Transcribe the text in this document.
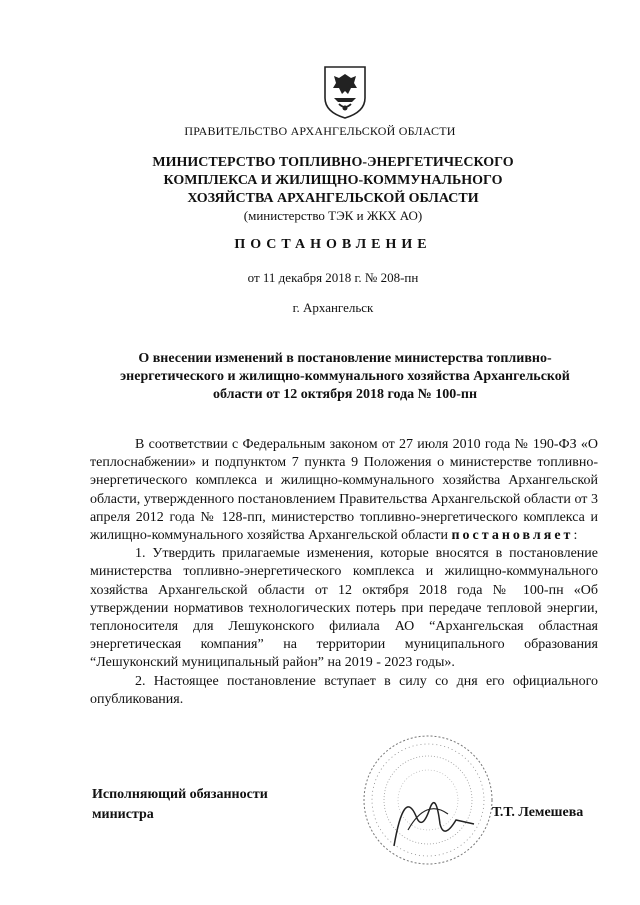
ПРАВИТЕЛЬСТВО АРХАНГЕЛЬСКОЙ ОБЛАСТИ
МИНИСТЕРСТВО ТОПЛИВНО-ЭНЕРГЕТИЧЕСКОГО
КОМПЛЕКСА И ЖИЛИЩНО-КОММУНАЛЬНОГО
ХОЗЯЙСТВА АРХАНГЕЛЬСКОЙ ОБЛАСТИ
(министерство ТЭК и ЖКХ АО)
ПОСТАНОВЛЕНИЕ
от 11 декабря 2018 г. № 208-пн
г. Архангельск
О внесении изменений в постановление министерства топливно-энергетического и жилищно-коммунального хозяйства Архангельской области от 12 октября 2018 года № 100-пн

В соответствии с Федеральным законом от 27 июля 2010 года № 190-ФЗ «О теплоснабжении» и подпунктом 7 пункта 9 Положения о министерстве топливно-энергетического комплекса и жилищно-коммунального хозяйства Архангельской области, утвержденного постановлением Правительства Архангельской области от 3 апреля 2012 года № 128-пп, министерство топливно-энергетического комплекса и жилищно-коммунального хозяйства Архангельской области постановляет:

1. Утвердить прилагаемые изменения, которые вносятся в постановление министерства топливно-энергетического комплекса и жилищно-коммунального хозяйства Архангельской области от 12 октября 2018 года № 100-пн «Об утверждении нормативов технологических потерь при передаче тепловой энергии, теплоносителя для Лешуконского филиала АО “Архангельская областная энергетическая компания” на территории муниципального образования “Лешуконский муниципальный район” на 2019 - 2023 годы».

2. Настоящее постановление вступает в силу со дня его официального опубликования.

Исполняющий обязанности
министра	Т.Т. Лемешева
